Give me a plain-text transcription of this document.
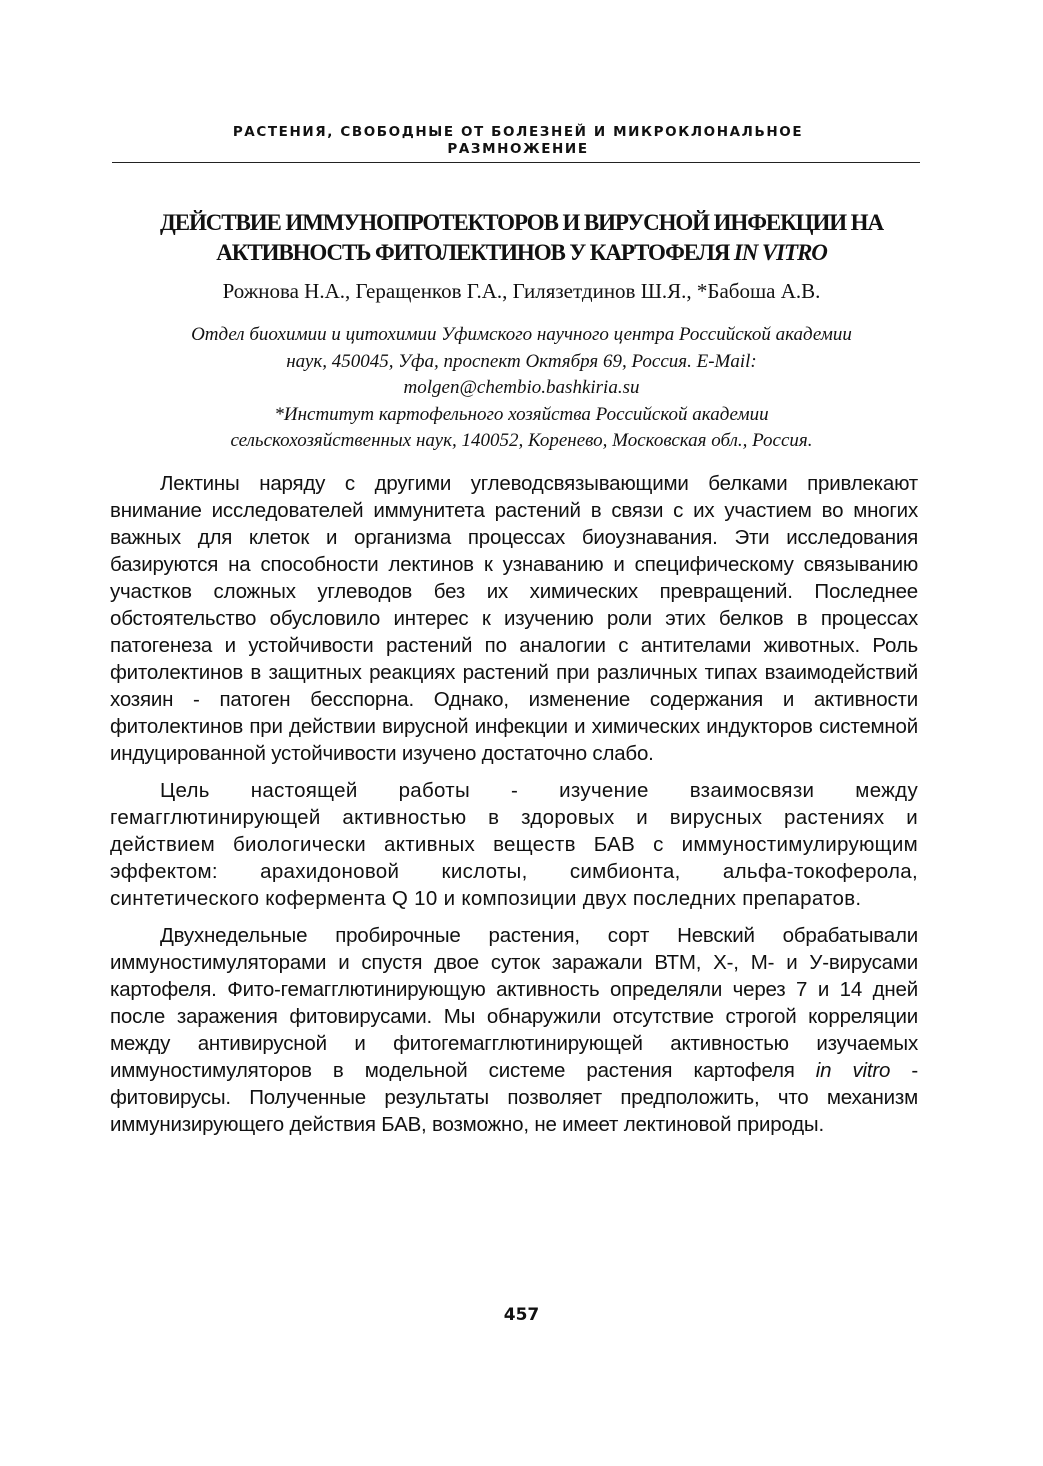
РАСТЕНИЯ, СВОБОДНЫЕ ОТ БОЛЕЗНЕЙ И МИКРОКЛОНАЛЬНОЕ
РАЗМНОЖЕНИЕ
ДЕЙСТВИЕ ИММУНОПРОТЕКТОРОВ И ВИРУСНОЙ ИНФЕКЦИИ НА
АКТИВНОСТЬ ФИТОЛЕКТИНОВ У КАРТОФЕЛЯ IN VITRO
Рожнова Н.А., Геращенков Г.А., Гилязетдинов Ш.Я., *Бабоша А.В.
Отдел биохимии и цитохимии Уфимского научного центра Российской академии
наук, 450045, Уфа, проспект Октября 69, Россия. E-Mail:
molgen@chembio.bashkiria.su
*Институт картофельного хозяйства Российской академии
сельскохозяйственных наук, 140052, Коренево, Московская обл., Россия.

Лектины наряду с другими углеводсвязывающими белками привлекают внимание исследователей иммунитета растений в связи с их участием во многих важных для клеток и организма процессах биоузнавания. Эти исследования базируются на способности лектинов к узнаванию и специфическому связыванию участков сложных углеводов без их химических превращений. Последнее обстоятельство обусловило интерес к изучению роли этих белков в процессах патогенеза и устойчивости растений по аналогии с антителами животных. Роль фитолектинов в защитных реакциях растений при различных типах взаимодействий хозяин - патоген бесспорна. Однако, изменение содержания и активности фитолектинов при действии вирусной инфекции и химических индукторов системной индуцированной устойчивости изучено достаточно слабо.

Цель настоящей работы - изучение взаимосвязи между гемагглютинирующей активностью в здоровых и вирусных растениях и действием биологически активных веществ БАВ с иммуностимулирующим эффектом: арахидоновой кислоты, симбионта, альфа-токоферола, синтетического кофермента Q 10 и композиции двух последних препаратов.

Двухнедельные пробирочные растения, сорт Невский обрабатывали иммуностимуляторами и спустя двое суток заражали ВТМ, X-, M- и У-вирусами картофеля. Фито-гемагглютинирующую активность определяли через 7 и 14 дней после заражения фитовирусами. Мы обнаружили отсутствие строгой корреляции между антивирусной и фитогемагглютинирующей активностью изучаемых иммуностимуляторов в модельной системе растения картофеля in vitro - фитовирусы. Полученные результаты позволяет предположить, что механизм иммунизирующего действия БАВ, возможно, не имеет лектиновой природы.

457
